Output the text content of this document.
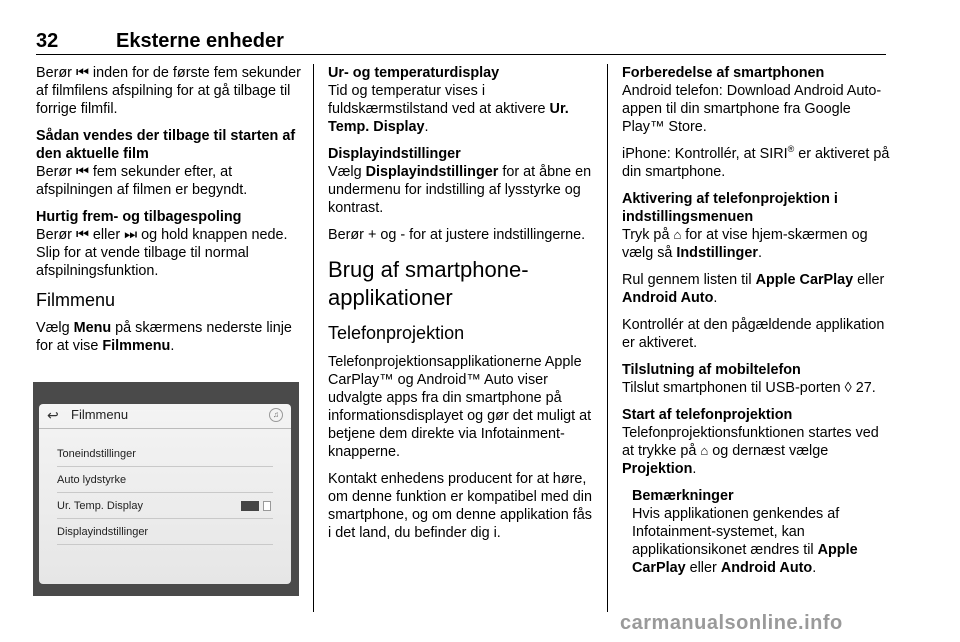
32	Eksterne enheder

Berør ⏮ inden for de første fem sekunder af filmfilens afspilning for at gå tilbage til forrige filmfil.

Sådan vendes der tilbage til starten af den aktuelle film

Berør ⏮ fem sekunder efter, at afspilningen af filmen er begyndt.

Hurtig frem- og tilbagespoling

Berør ⏮ eller ⏭ og hold knappen nede. Slip for at vende tilbage til normal afspilningsfunktion.

Filmmenu

Vælg Menu på skærmens nederste linje for at vise Filmmenu.

↩ Filmmenu	♫
Toneindstillinger
Auto lydstyrke
Ur. Temp. Display
Displayindstillinger

Ur- og temperaturdisplay

Tid og temperatur vises i fuldskærmstilstand ved at aktivere Ur. Temp. Display.

Displayindstillinger

Vælg Displayindstillinger for at åbne en undermenu for indstilling af lysstyrke og kontrast.

Berør + og - for at justere indstillingerne.

Brug af smartphone-applikationer
Telefonprojektion

Telefonprojektionsapplikationerne Apple CarPlay™ og Android™ Auto viser udvalgte apps fra din smartphone på informationsdisplayet og gør det muligt at betjene dem direkte via Infotainment-knapperne.

Kontakt enhedens producent for at høre, om denne funktion er kompatibel med din smartphone, og om denne applikation fås i det land, du befinder dig i.

Forberedelse af smartphonen

Android telefon: Download Android Auto-appen til din smartphone fra Google Play™ Store.

iPhone: Kontrollér, at SIRI® er aktiveret på din smartphone.

Aktivering af telefonprojektion i indstillingsmenuen

Tryk på ⌂ for at vise hjem-skærmen og vælg så Indstillinger.

Rul gennem listen til Apple CarPlay eller Android Auto.

Kontrollér at den pågældende applikation er aktiveret.

Tilslutning af mobiltelefon

Tilslut smartphonen til USB-porten ◊ 27.

Start af telefonprojektion

Telefonprojektionsfunktionen startes ved at trykke på ⌂ og dernæst vælge Projektion.

Bemærkninger

Hvis applikationen genkendes af Infotainment-systemet, kan applikationsikonet ændres til Apple CarPlay eller Android Auto.

carmanualsonline.info
